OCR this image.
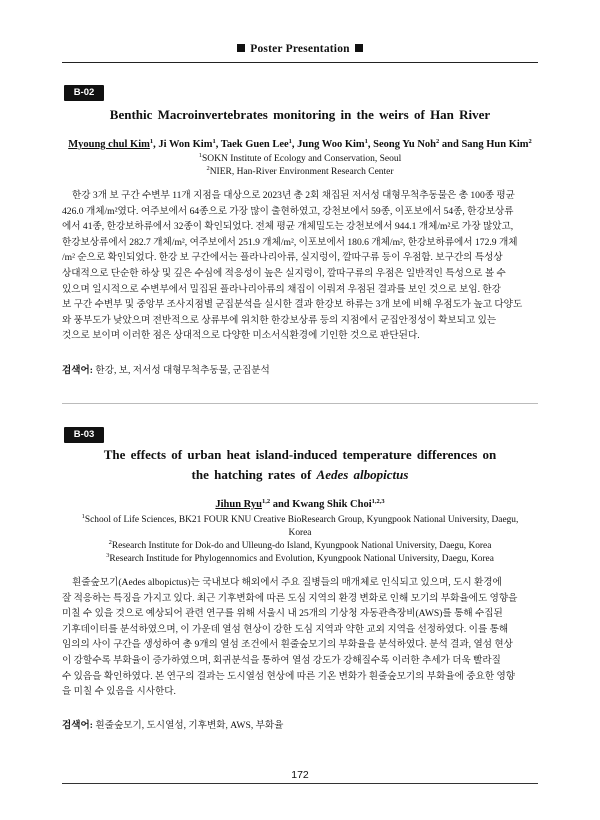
Poster Presentation
B-02
Benthic Macroinvertebrates monitoring in the weirs of Han River
Myoung chul Kim$^1$, Ji Won Kim$^1$, Taek Guen Lee$^1$, Jung Woo Kim$^1$, Seong Yu Noh$^2$ and Sang Hun Kim$^2$
$^1$SOKN Institute of Ecology and Conservation, Seoul
$^2$NIER, Han-River Environment Research Center
한강 3개 보 구간 수변부 11개 지점을 대상으로 2023년 총 2회 채집된 저서성 대형무척추동물은 총 100종 평균
426.0 개체/m²였다. 여주보에서 64종으로 가장 많이 출현하였고, 강천보에서 59종, 이포보에서 54종, 한강보상류
에서 41종, 한강보하류에서 32종이 확인되었다. 전체 평균 개체밀도는 강천보에서 944.1 개체/m²로 가장 많았고,
한강보상류에서 282.7 개체/m², 여주보에서 251.9 개체/m², 이포보에서 180.6 개체/m², 한강보하류에서 172.9 개체
/m² 순으로 확인되었다. 한강 보 구간에서는 플라나리아류, 실지렁이, 깔따구류 등이 우점함. 보구간의 특성상
상대적으로 단순한 하상 및 깊은 수심에 적응성이 높은 실지렁이, 깔따구류의 우점은 일반적인 특성으로 볼 수
있으며 일시적으로 수변부에서 밀집된 플라나리아류의 채집이 이뤄져 우점된 결과를 보인 것으로 보임. 한강
보 구간 수변부 및 중앙부 조사지점별 군집분석을 실시한 결과 한강보 하류는 3개 보에 비해 우점도가 높고 다양도
와 풍부도가 낮았으며 전반적으로 상류부에 위치한 한강보상류 등의 지점에서 군집안정성이 확보되고 있는
것으로 보이며 이러한 점은 상대적으로 다양한 미소서식환경에 기인한 것으로 판단된다.
검색어: 한강, 보, 저서성 대형무척추동물, 군집분석
B-03
The effects of urban heat island-induced temperature differences on
the hatching rates of Aedes albopictus
Jihun Ryu$^{1,2}$ and Kwang Shik Choi$^{1,2,3}$
$^1$School of Life Sciences, BK21 FOUR KNU Creative BioResearch Group, Kyungpook National University, Daegu,
Korea
$^2$Research Institute for Dok-do and Ulleung-do Island, Kyungpook National University, Daegu, Korea
$^3$Research Institude for Phylogennomics and Evolution, Kyungpook National University, Daegu, Korea
흰줄숲모기(Aedes albopictus)는 국내보다 해외에서 주요 질병들의 매개체로 인식되고 있으며, 도시 환경에
잘 적응하는 특징을 가지고 있다. 최근 기후변화에 따른 도심 지역의 환경 변화로 인해 모기의 부화율에도 영향을
미칠 수 있을 것으로 예상되어 관련 연구를 위해 서울시 내 25개의 기상청 자동관측장비(AWS)를 통해 수집된
기후데이터를 분석하였으며, 이 가운데 열섬 현상이 강한 도심 지역과 약한 교외 지역을 선정하였다. 이를 통해
임의의 사이 구간을 생성하여 총 9개의 열섬 조건에서 흰줄숲모기의 부화율을 분석하였다. 분석 결과, 열섬 현상
이 강할수록 부화율이 증가하였으며, 회귀분석을 통하여 열섬 강도가 강해질수록 이러한 추세가 더욱 빨라질
수 있음을 확인하였다. 본 연구의 결과는 도시열섬 현상에 따른 기온 변화가 흰줄숲모기의 부화율에 중요한 영향
을 미칠 수 있음을 시사한다.
검색어: 흰줄숲모기, 도시열섬, 기후변화, AWS, 부화율
172
